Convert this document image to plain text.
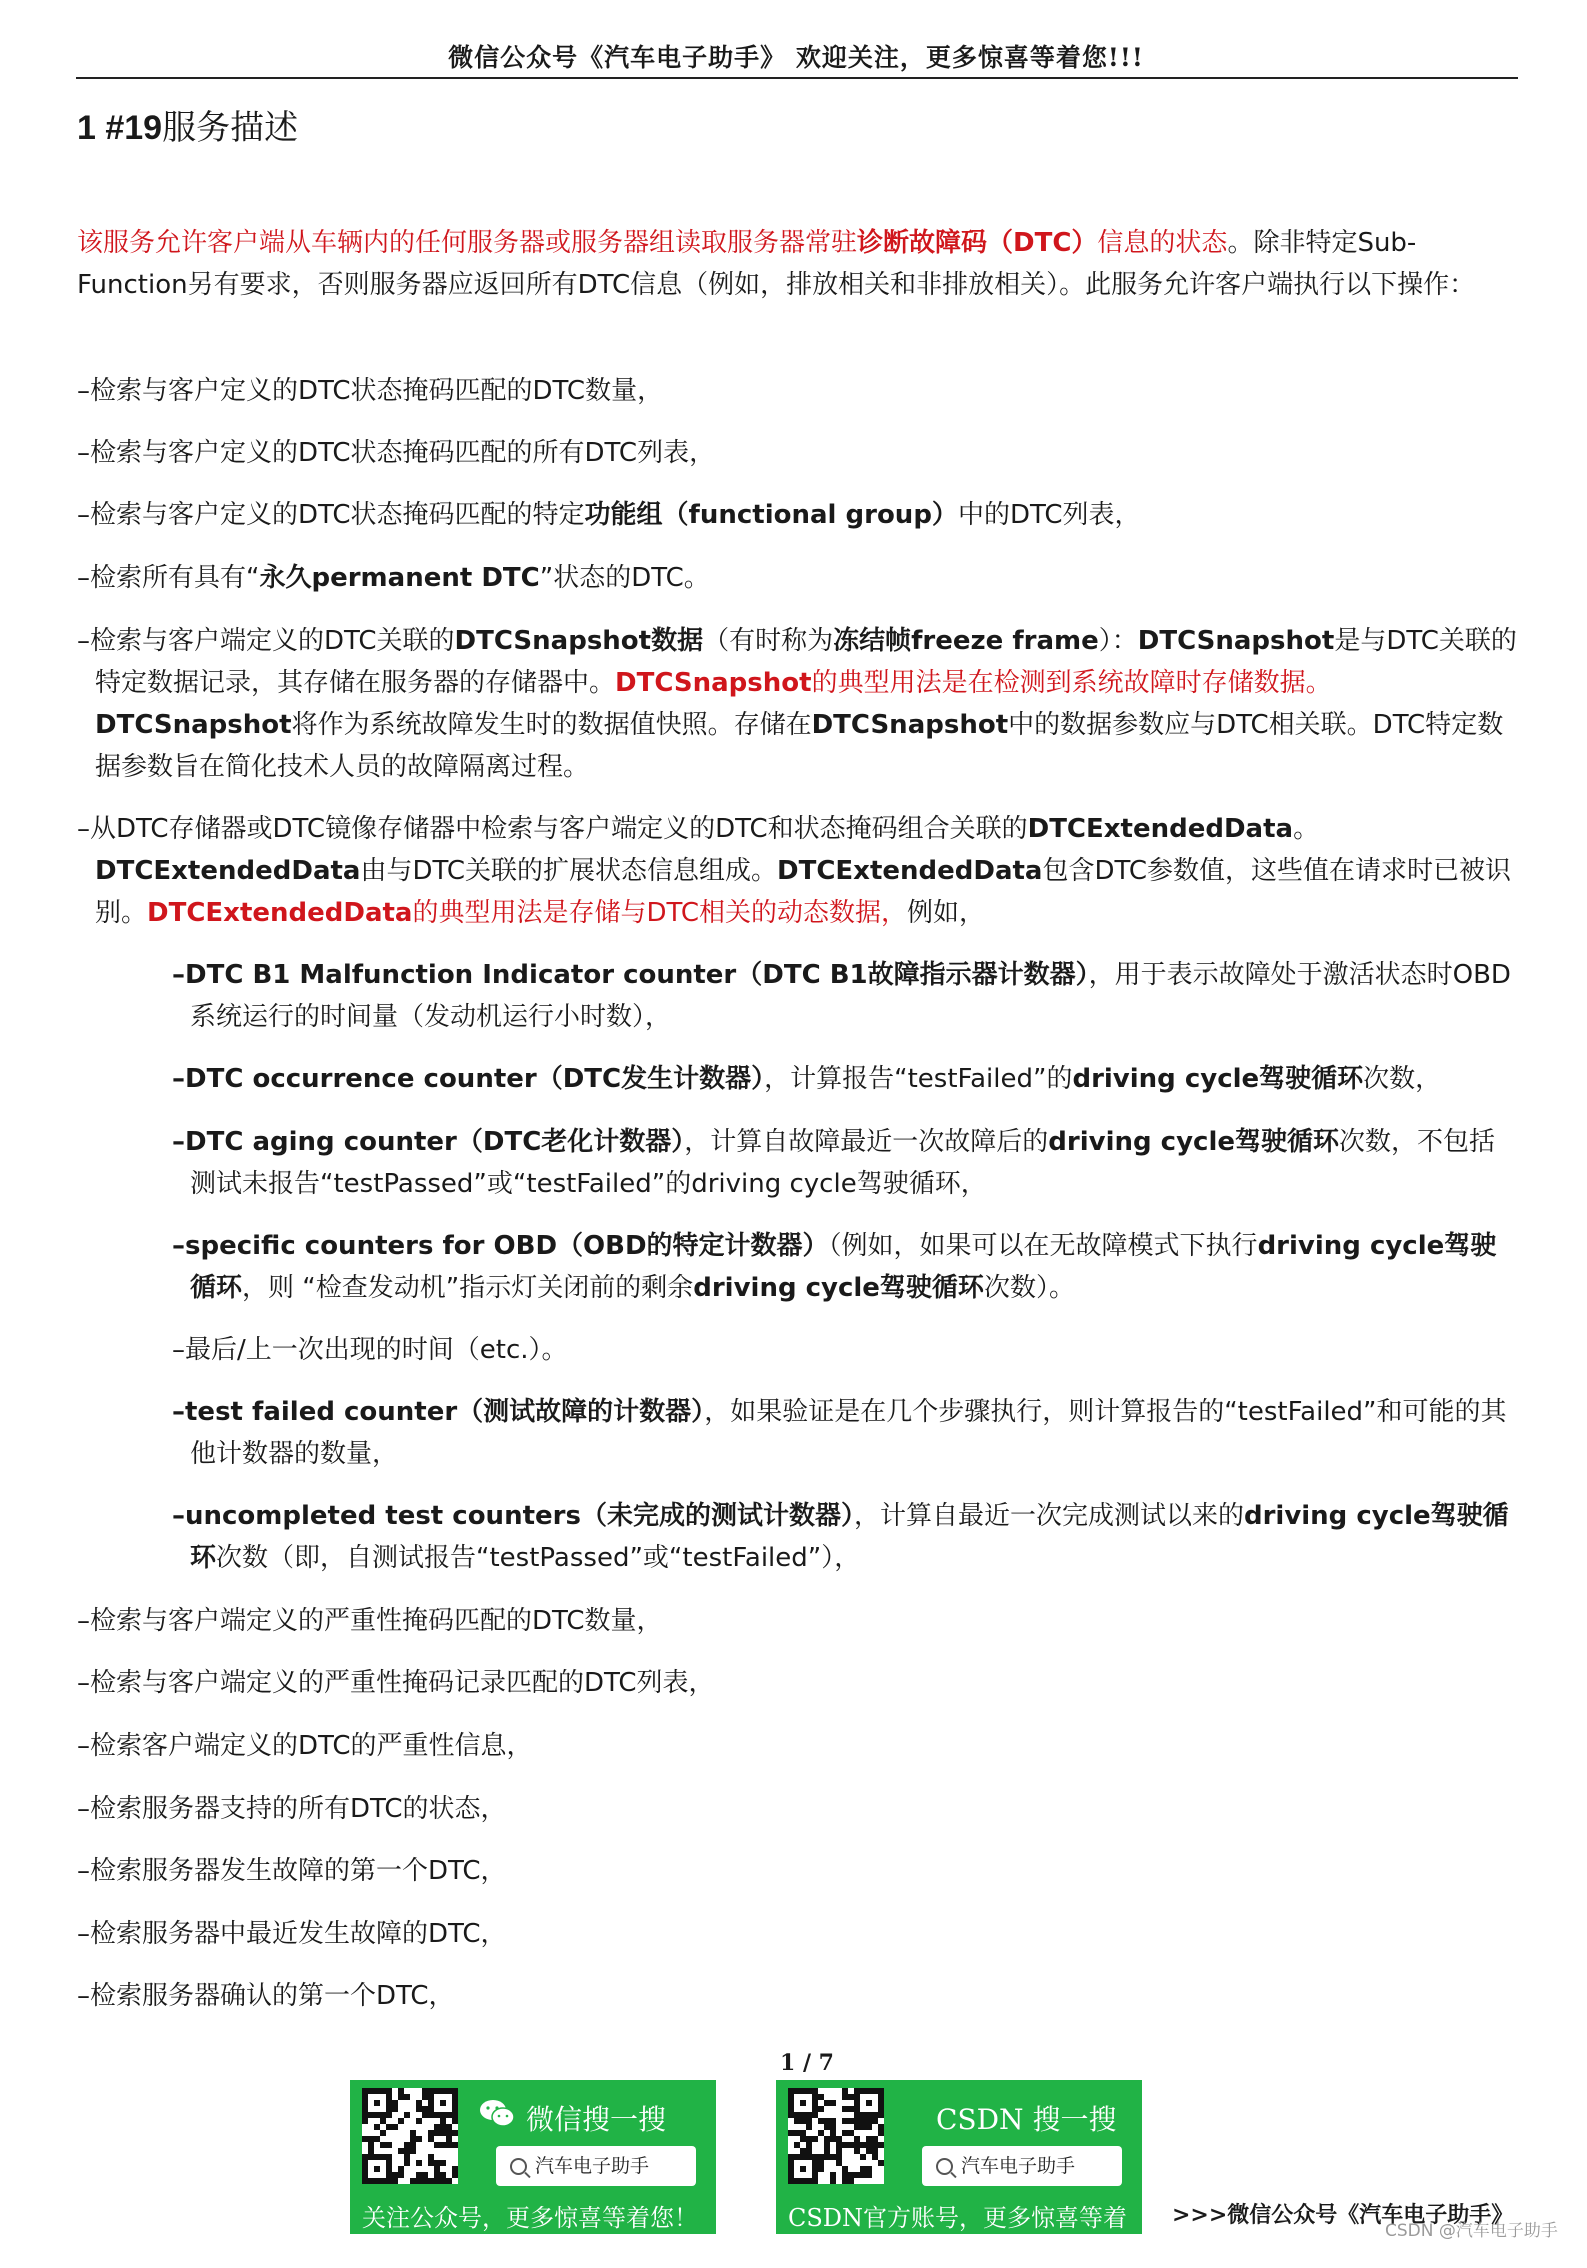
微信公众号《汽车电子助手》 欢迎关注，更多惊喜等着您!!!
1 #19服务描述
该服务允许客户端从车辆内的任何服务器或服务器组读取服务器常驻诊断故障码（DTC）信息的状态。除非特定Sub-Function另有要求，否则服务器应返回所有DTC信息（例如，排放相关和非排放相关）。此服务允许客户端执行以下操作：
–检索与客户定义的DTC状态掩码匹配的DTC数量，
–检索与客户定义的DTC状态掩码匹配的所有DTC列表，
–检索与客户定义的DTC状态掩码匹配的特定功能组（functional group）中的DTC列表，
–检索所有具有“永久permanent DTC”状态的DTC。
–检索与客户端定义的DTC关联的DTCSnapshot数据（有时称为冻结帧freeze frame）：DTCSnapshot是与DTC关联的特定数据记录，其存储在服务器的存储器中。DTCSnapshot的典型用法是在检测到系统故障时存储数据。DTCSnapshot将作为系统故障发生时的数据值快照。存储在DTCSnapshot中的数据参数应与DTC相关联。DTC特定数据参数旨在简化技术人员的故障隔离过程。
–从DTC存储器或DTC镜像存储器中检索与客户端定义的DTC和状态掩码组合关联的DTCExtendedData。DTCExtendedData由与DTC关联的扩展状态信息组成。DTCExtendedData包含DTC参数值，这些值在请求时已被识别。DTCExtendedData的典型用法是存储与DTC相关的动态数据，例如，
–DTC B1 Malfunction Indicator counter（DTC B1故障指示器计数器），用于表示故障处于激活状态时OBD系统运行的时间量（发动机运行小时数），
–DTC occurrence counter（DTC发生计数器），计算报告“testFailed”的driving cycle驾驶循环次数，
–DTC aging counter（DTC老化计数器），计算自故障最近一次故障后的driving cycle驾驶循环次数，不包括测试未报告“testPassed”或“testFailed”的driving cycle驾驶循环，
–specific counters for OBD（OBD的特定计数器）（例如，如果可以在无故障模式下执行driving cycle驾驶循环，则 “检查发动机”指示灯关闭前的剩余driving cycle驾驶循环次数）。
–最后/上一次出现的时间（etc.）。
–test failed counter（测试故障的计数器），如果验证是在几个步骤执行，则计算报告的“testFailed”和可能的其他计数器的数量，
–uncompleted test counters（未完成的测试计数器），计算自最近一次完成测试以来的driving cycle驾驶循环次数（即，自测试报告“testPassed”或“testFailed”），
–检索与客户端定义的严重性掩码匹配的DTC数量，
–检索与客户端定义的严重性掩码记录匹配的DTC列表，
–检索客户端定义的DTC的严重性信息，
–检索服务器支持的所有DTC的状态，
–检索服务器发生故障的第一个DTC，
–检索服务器中最近发生故障的DTC，
–检索服务器确认的第一个DTC，
1 / 7
微信搜一搜
汽车电子助手
关注公众号，更多惊喜等着您！
CSDN 搜一搜
汽车电子助手
CSDN官方账号，更多惊喜等着您！
>>>微信公众号《汽车电子助手》
CSDN @汽车电子助手
